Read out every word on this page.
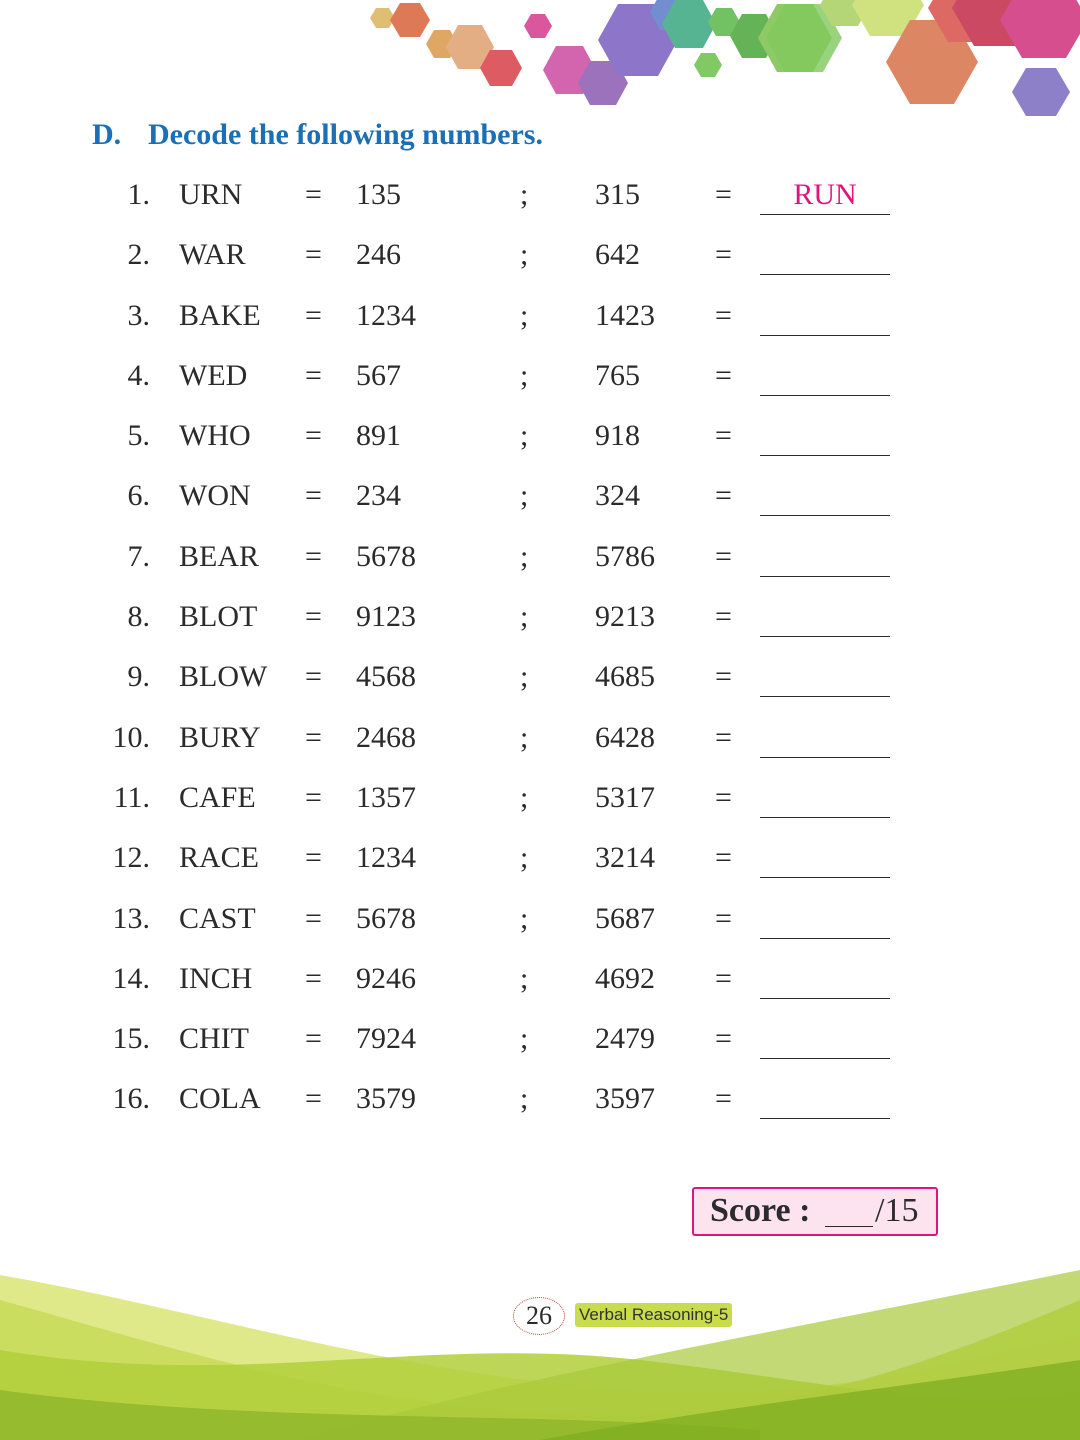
D. Decode the following numbers.
1. URN = 135	; 315	=	RUN
2. WAR = 246	; 642	=
3. BAKE = 1234	; 1423 =
4. WED = 567	; 765	=
5. WHO = 891	; 918	=
6. WON = 234	; 324	=
7. BEAR = 5678	; 5786 =
8. BLOT = 9123	; 9213 =
9. BLOW = 4568	; 4685 =
10. BURY = 2468	; 6428 =
11. CAFE = 1357	; 5317 =
12. RACE = 1234	; 3214 =
13. CAST = 5678	; 5687 =
14. INCH = 9246	; 4692 =
15. CHIT = 7924	; 2479 =
16. COLA = 3579	; 3597 =
Score : /15
26	Verbal Reasoning-5
